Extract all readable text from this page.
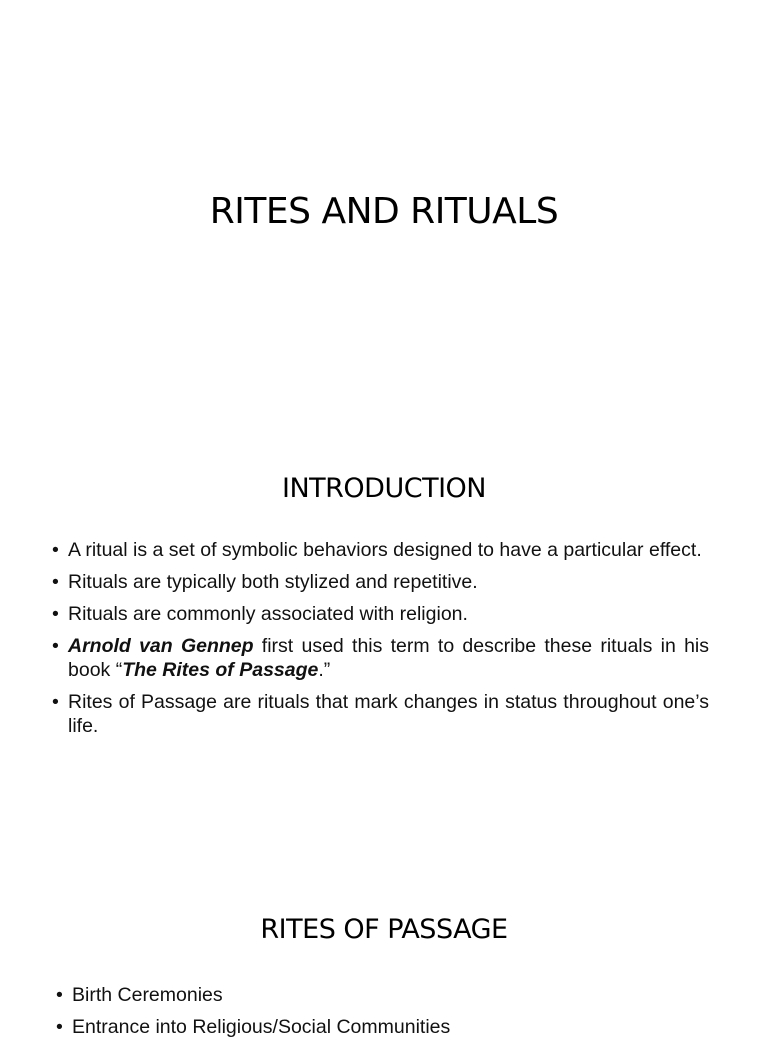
RITES AND RITUALS
INTRODUCTION
• A ritual is a set of symbolic behaviors designed to have a particular effect.
• Rituals are typically both stylized and repetitive.
• Rituals are commonly associated with religion.
• Arnold van Gennep first used this term to describe these rituals in his book “The Rites of Passage.”
• Rites of Passage are rituals that mark changes in status throughout one’s life.
RITES OF PASSAGE
• Birth Ceremonies
• Entrance into Religious/Social Communities
